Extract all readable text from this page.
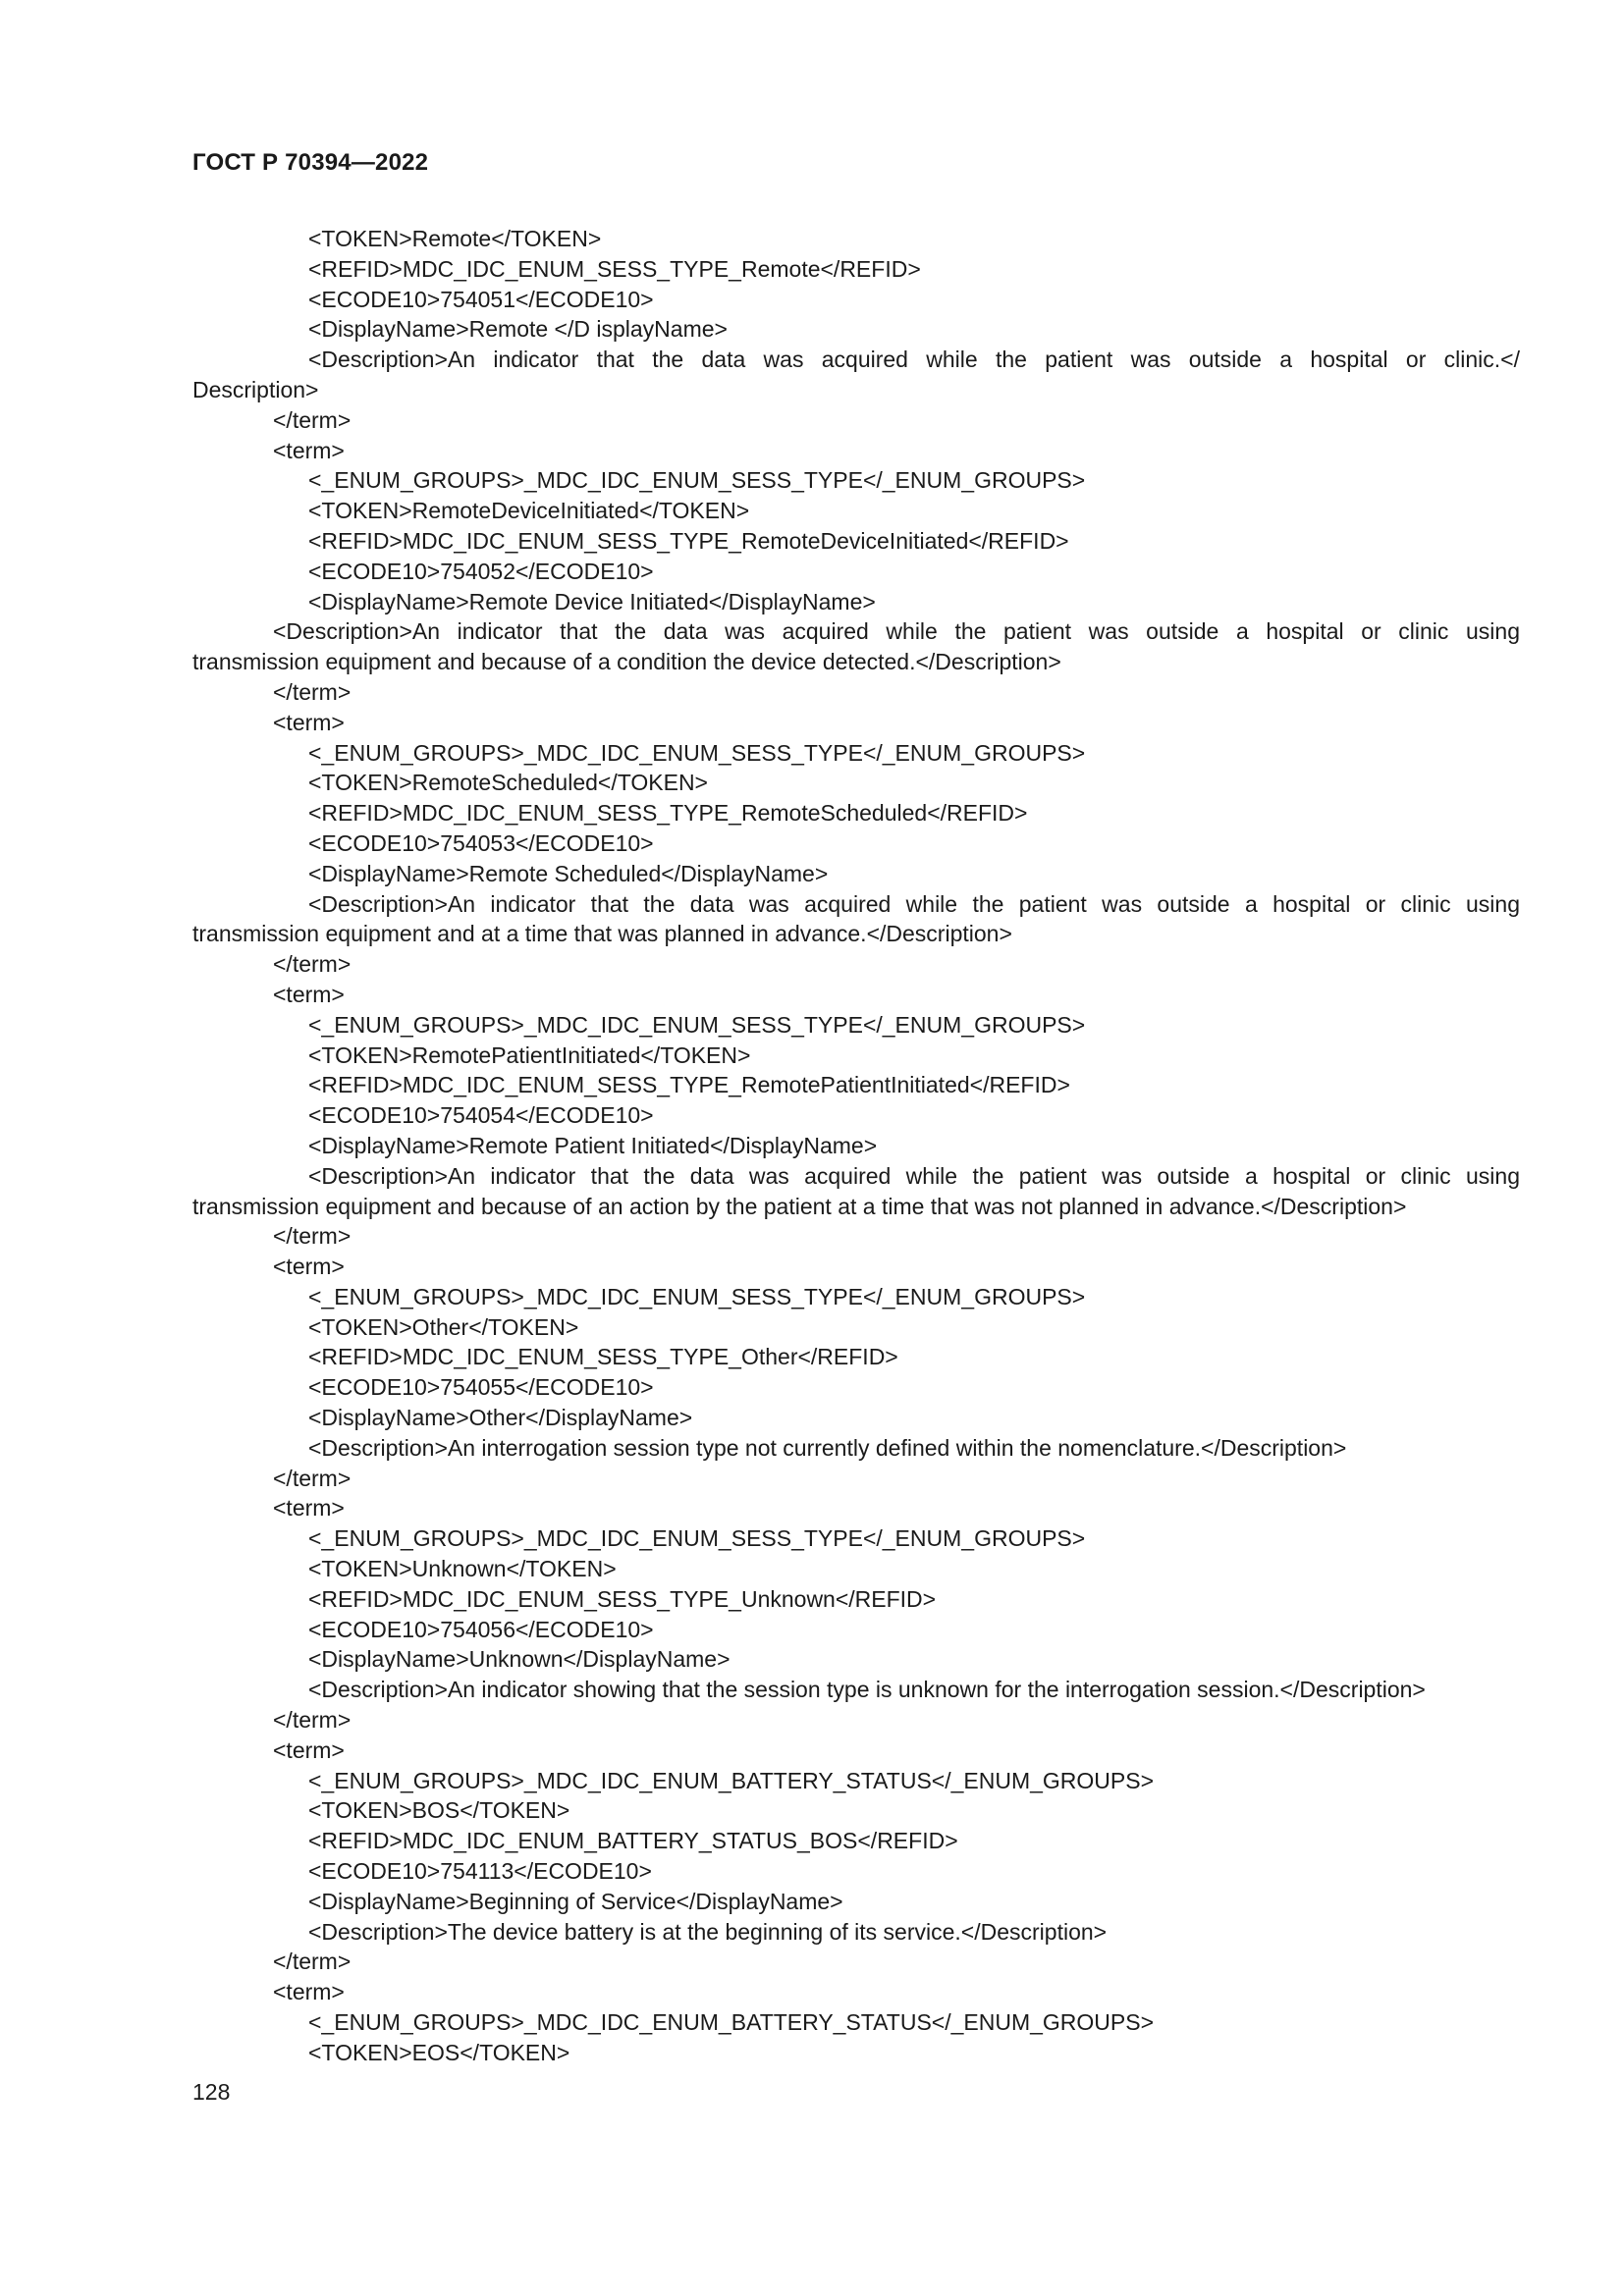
ГОСТ Р 70394—2022
<TOKEN>Remote</TOKEN>
<REFID>MDC_IDC_ENUM_SESS_TYPE_Remote</REFID>
<ECODE10>754051</ECODE10>
<DisplayName>Remote </D isplayName>
<Description>An indicator that the data was acquired while the patient was outside a hospital or clinic.</
Description>
</term>
<term>
<_ENUM_GROUPS>_MDC_IDC_ENUM_SESS_TYPE</_ENUM_GROUPS>
<TOKEN>RemoteDeviceInitiated</TOKEN>
<REFID>MDC_IDC_ENUM_SESS_TYPE_RemoteDeviceInitiated</REFID>
<ECODE10>754052</ECODE10>
<DisplayName>Remote Device Initiated</DisplayName>
<Description>An indicator that the data was acquired while the patient was outside a hospital or clinic using
transmission equipment and because of a condition the device detected.</Description>
</term>
<term>
<_ENUM_GROUPS>_MDC_IDC_ENUM_SESS_TYPE</_ENUM_GROUPS>
<TOKEN>RemoteScheduled</TOKEN>
<REFID>MDC_IDC_ENUM_SESS_TYPE_RemoteScheduled</REFID>
<ECODE10>754053</ECODE10>
<DisplayName>Remote Scheduled</DisplayName>
<Description>An indicator that the data was acquired while the patient was outside a hospital or clinic using
transmission equipment and at a time that was planned in advance.</Description>
</term>
<term>
<_ENUM_GROUPS>_MDC_IDC_ENUM_SESS_TYPE</_ENUM_GROUPS>
<TOKEN>RemotePatientInitiated</TOKEN>
<REFID>MDC_IDC_ENUM_SESS_TYPE_RemotePatientInitiated</REFID>
<ECODE10>754054</ECODE10>
<DisplayName>Remote Patient Initiated</DisplayName>
<Description>An indicator that the data was acquired while the patient was outside a hospital or clinic using
transmission equipment and because of an action by the patient at a time that was not planned in advance.</Description>
</term>
<term>
<_ENUM_GROUPS>_MDC_IDC_ENUM_SESS_TYPE</_ENUM_GROUPS>
<TOKEN>Other</TOKEN>
<REFID>MDC_IDC_ENUM_SESS_TYPE_Other</REFID>
<ECODE10>754055</ECODE10>
<DisplayName>Other</DisplayName>
<Description>An interrogation session type not currently defined within the nomenclature.</Description>
</term>
<term>
<_ENUM_GROUPS>_MDC_IDC_ENUM_SESS_TYPE</_ENUM_GROUPS>
<TOKEN>Unknown</TOKEN>
<REFID>MDC_IDC_ENUM_SESS_TYPE_Unknown</REFID>
<ECODE10>754056</ECODE10>
<DisplayName>Unknown</DisplayName>
<Description>An indicator showing that the session type is unknown for the interrogation session.</Description>
</term>
<term>
<_ENUM_GROUPS>_MDC_IDC_ENUM_BATTERY_STATUS</_ENUM_GROUPS>
<TOKEN>BOS</TOKEN>
<REFID>MDC_IDC_ENUM_BATTERY_STATUS_BOS</REFID>
<ECODE10>754113</ECODE10>
<DisplayName>Beginning of Service</DisplayName>
<Description>The device battery is at the beginning of its service.</Description>
</term>
<term>
<_ENUM_GROUPS>_MDC_IDC_ENUM_BATTERY_STATUS</_ENUM_GROUPS>
<TOKEN>EOS</TOKEN>
128
